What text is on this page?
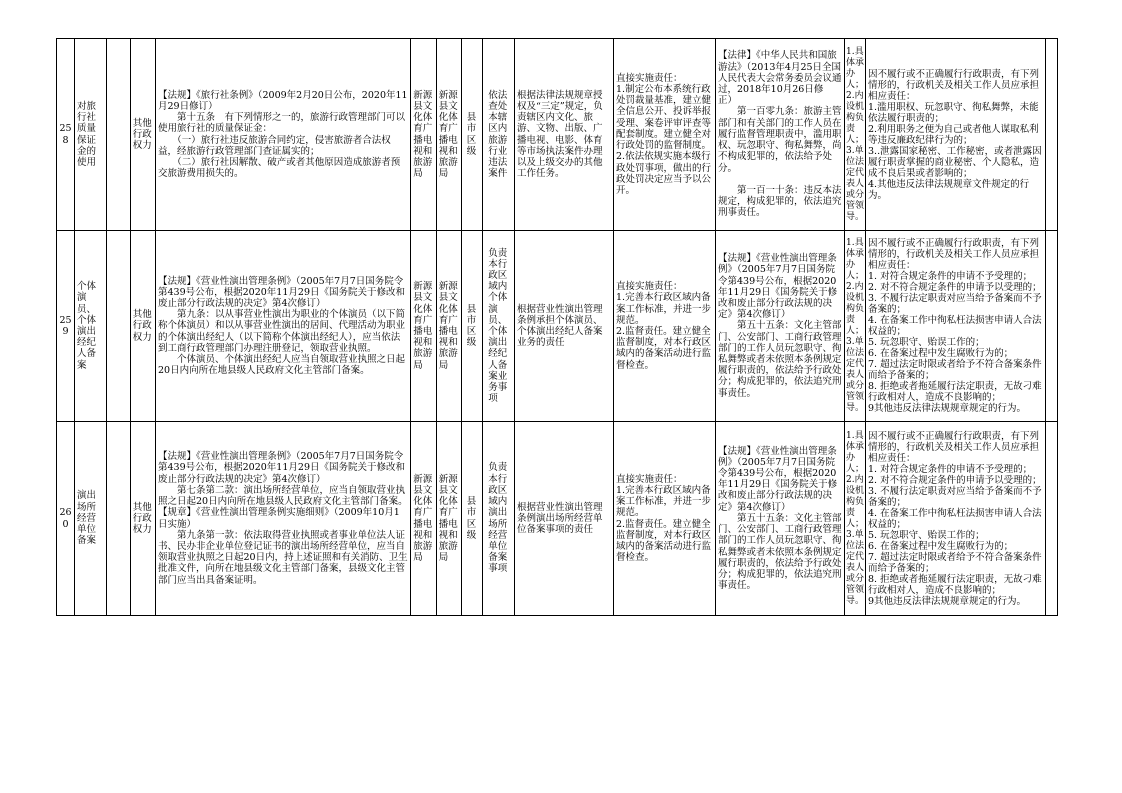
258
对旅行社质量保证金的使用
其他行政权力
【法规】《旅行社条例》（2009年2月20日公布，2020年11月29日修订）
　　第十五条　有下列情形之一的，旅游行政管理部门可以使用旅行社的质量保证金：
　　（一）旅行社违反旅游合同约定，侵害旅游者合法权益，经旅游行政管理部门查证属实的；
　　（二）旅行社因解散、破产或者其他原因造成旅游者预交旅游费用损失的。
新源县文化体育广播电视和旅游局
新源县文化体育广播电视和旅游局
县市区级
依法查处本辖区内旅游行业违法案件
根据法律法规规章授权及“三定”规定，负责辖区内文化、旅游、文物、出版、广播电视、电影、体育等市场执法案件办理以及上级交办的其他工作任务。
直接实施责任：
1.制定公布本系统行政处罚裁量基准，建立健全信息公开、投诉举报受理、案卷评审评查等配套制度。建立健全对行政处罚的监督制度。
2.依法依规实施本级行政处罚事项，做出的行政处罚决定应当予以公开。
【法律】《中华人民共和国旅游法》（2013年4月25日全国人民代表大会常务委员会议通过，2018年10月26日修正）
　　第一百零九条：旅游主管部门和有关部门的工作人员在履行监督管理职责中，滥用职权、玩忽职守、徇私舞弊，尚不构成犯罪的，依法给予处分。

　　第一百一十条：违反本法规定，构成犯罪的，依法追究刑事责任。
1.具体承办人；
2.内设机构负责人；
3.单位法定代表人或分管领导。
因不履行或不正确履行行政职责，有下列情形的，行政机关及相关工作人员应承担相应责任：
1.滥用职权、玩忽职守、徇私舞弊，未能依法履行职责的；
2.利用职务之便为自己或者他人谋取私利等违反廉政纪律行为的；
3..泄露国家秘密、工作秘密，或者泄露因履行职责掌握的商业秘密、个人隐私，造成不良后果或者影响的；
4.其他违反法律法规规章文件规定的行为。
259
个体演员、个体演出经纪人备案
其他行政权力
【法规】《营业性演出管理条例》（2005年7月7日国务院令第439号公布，根据2020年11月29日《国务院关于修改和废止部分行政法规的决定》第4次修订）
　　第九条：以从事营业性演出为职业的个体演员（以下简称个体演员）和以从事营业性演出的居间、代理活动为职业的个体演出经纪人（以下简称个体演出经纪人），应当依法到工商行政管理部门办理注册登记，领取营业执照。
　　个体演员、个体演出经纪人应当自领取营业执照之日起20日内向所在地县级人民政府文化主管部门备案。
新源县文化体育广播电视和旅游局
新源县文化体育广播电视和旅游局
县市区级
负责本行政区域内个体演员、个体演出经纪人备案业务事项
根据营业性演出管理条例承担个体演员、个体演出经纪人备案业务的责任
直接实施责任：
1.完善本行政区域内备案工作标准，并进一步规范。
2.监督责任。建立健全监督制度，对本行政区域内的备案活动进行监督检查。
【法规】《营业性演出管理条例》（2005年7月7日国务院令第439号公布，根据2020年11月29日《国务院关于修改和废止部分行政法规的决定》第4次修订）
　　第五十五条：文化主管部门、公安部门、工商行政管理部门的工作人员玩忽职守、徇私舞弊或者未依照本条例规定履行职责的，依法给予行政处分；构成犯罪的，依法追究刑事责任。
1.具体承办人；
2.内设机构负责人；
3.单位法定代表人或分管领导。
因不履行或不正确履行行政职责，有下列情形的，行政机关及相关工作人员应承担相应责任：
1. 对符合规定条件的申请不予受理的；
2. 对不符合规定条件的申请予以受理的；
3. 不履行法定职责对应当给予备案而不予备案的；
4. 在备案工作中徇私枉法损害申请人合法权益的；
5. 玩忽职守、贻误工作的；
6. 在备案过程中发生腐败行为的；
7. 超过法定时限或者给予不符合备案条件而给予备案的；
8. 拒绝或者拖延履行法定职责，无故刁难行政相对人，造成不良影响的；
9其他违反法律法规规章规定的行为。
260
演出场所经营单位备案
其他行政权力
【法规】《营业性演出管理条例》（2005年7月7日国务院令第439号公布，根据2020年11月29日《国务院关于修改和废止部分行政法规的决定》第4次修订）
　　第七条第二款：演出场所经营单位，应当自领取营业执照之日起20日内向所在地县级人民政府文化主管部门备案。
【规章】《营业性演出管理条例实施细则》（2009年10月1日实施）
　　第九条第一款：依法取得营业执照或者事业单位法人证书、民办非企业单位登记证书的演出场所经营单位，应当自领取营业执照之日起20日内，持上述证照和有关消防、卫生批准文件，向所在地县级文化主管部门备案，县级文化主管部门应当出具备案证明。
新源县文化体育广播电视和旅游局
新源县文化体育广播电视和旅游局
县市区级
负责本行政区域内演出场所经营单位备案事项
根据营业性演出管理条例演出场所经营单位备案事项的责任
直接实施责任：
1.完善本行政区域内备案工作标准，并进一步规范。
2.监督责任。建立健全监督制度，对本行政区域内的备案活动进行监督检查。
【法规】《营业性演出管理条例》（2005年7月7日国务院令第439号公布，根据2020年11月29日《国务院关于修改和废止部分行政法规的决定》第4次修订）
　　第五十五条：文化主管部门、公安部门、工商行政管理部门的工作人员玩忽职守、徇私舞弊或者未依照本条例规定履行职责的，依法给予行政处分；构成犯罪的，依法追究刑事责任。
1.具体承办人；
2.内设机构负责人；
3.单位法定代表人或分管领导。
因不履行或不正确履行行政职责，有下列情形的，行政机关及相关工作人员应承担相应责任：
1. 对符合规定条件的申请不予受理的；
2. 对不符合规定条件的申请予以受理的；
3. 不履行法定职责对应当给予备案而不予备案的；
4. 在备案工作中徇私枉法损害申请人合法权益的；
5. 玩忽职守、贻误工作的；
6. 在备案过程中发生腐败行为的；
7. 超过法定时限或者给予不符合备案条件而给予备案的；
8. 拒绝或者拖延履行法定职责，无故刁难行政相对人，造成不良影响的；
9其他违反法律法规规章规定的行为。
